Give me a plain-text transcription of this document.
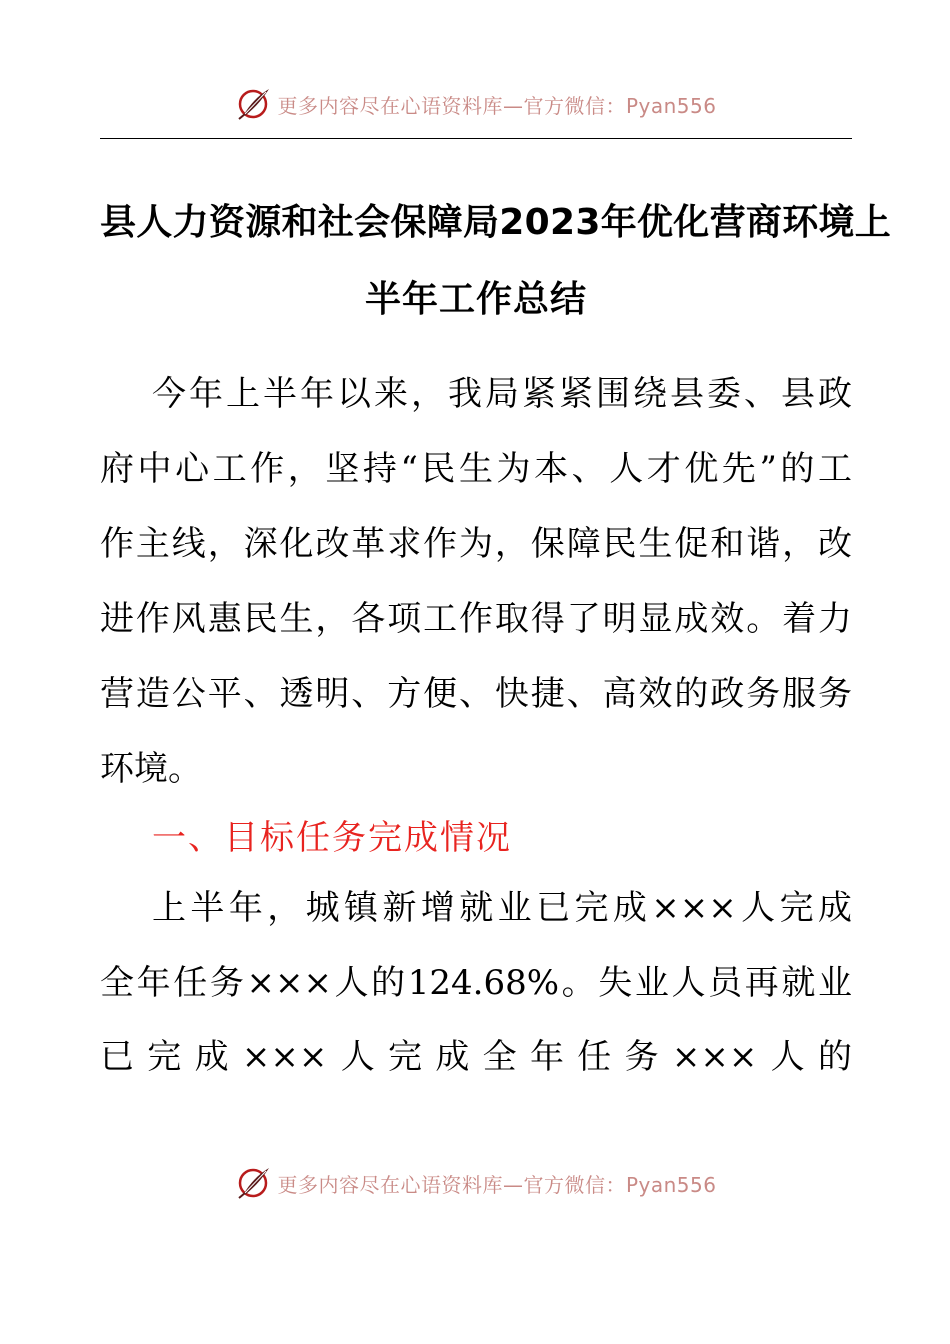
更多内容尽在心语资料库—官方微信：Pyan556
县人力资源和社会保障局2023年优化营商环境上
半年工作总结
今年上半年以来，我局紧紧围绕县委、县政
府中心工作，坚持“民生为本、人才优先”的工
作主线，深化改革求作为，保障民生促和谐，改
进作风惠民生，各项工作取得了明显成效。着力
营造公平、透明、方便、快捷、高效的政务服务
环境。
一、目标任务完成情况
上半年，城镇新增就业已完成×××人完成
全年任务×××人的124.68%。失业人员再就业
已完成×××人完成全年任务×××人的
更多内容尽在心语资料库—官方微信：Pyan556
